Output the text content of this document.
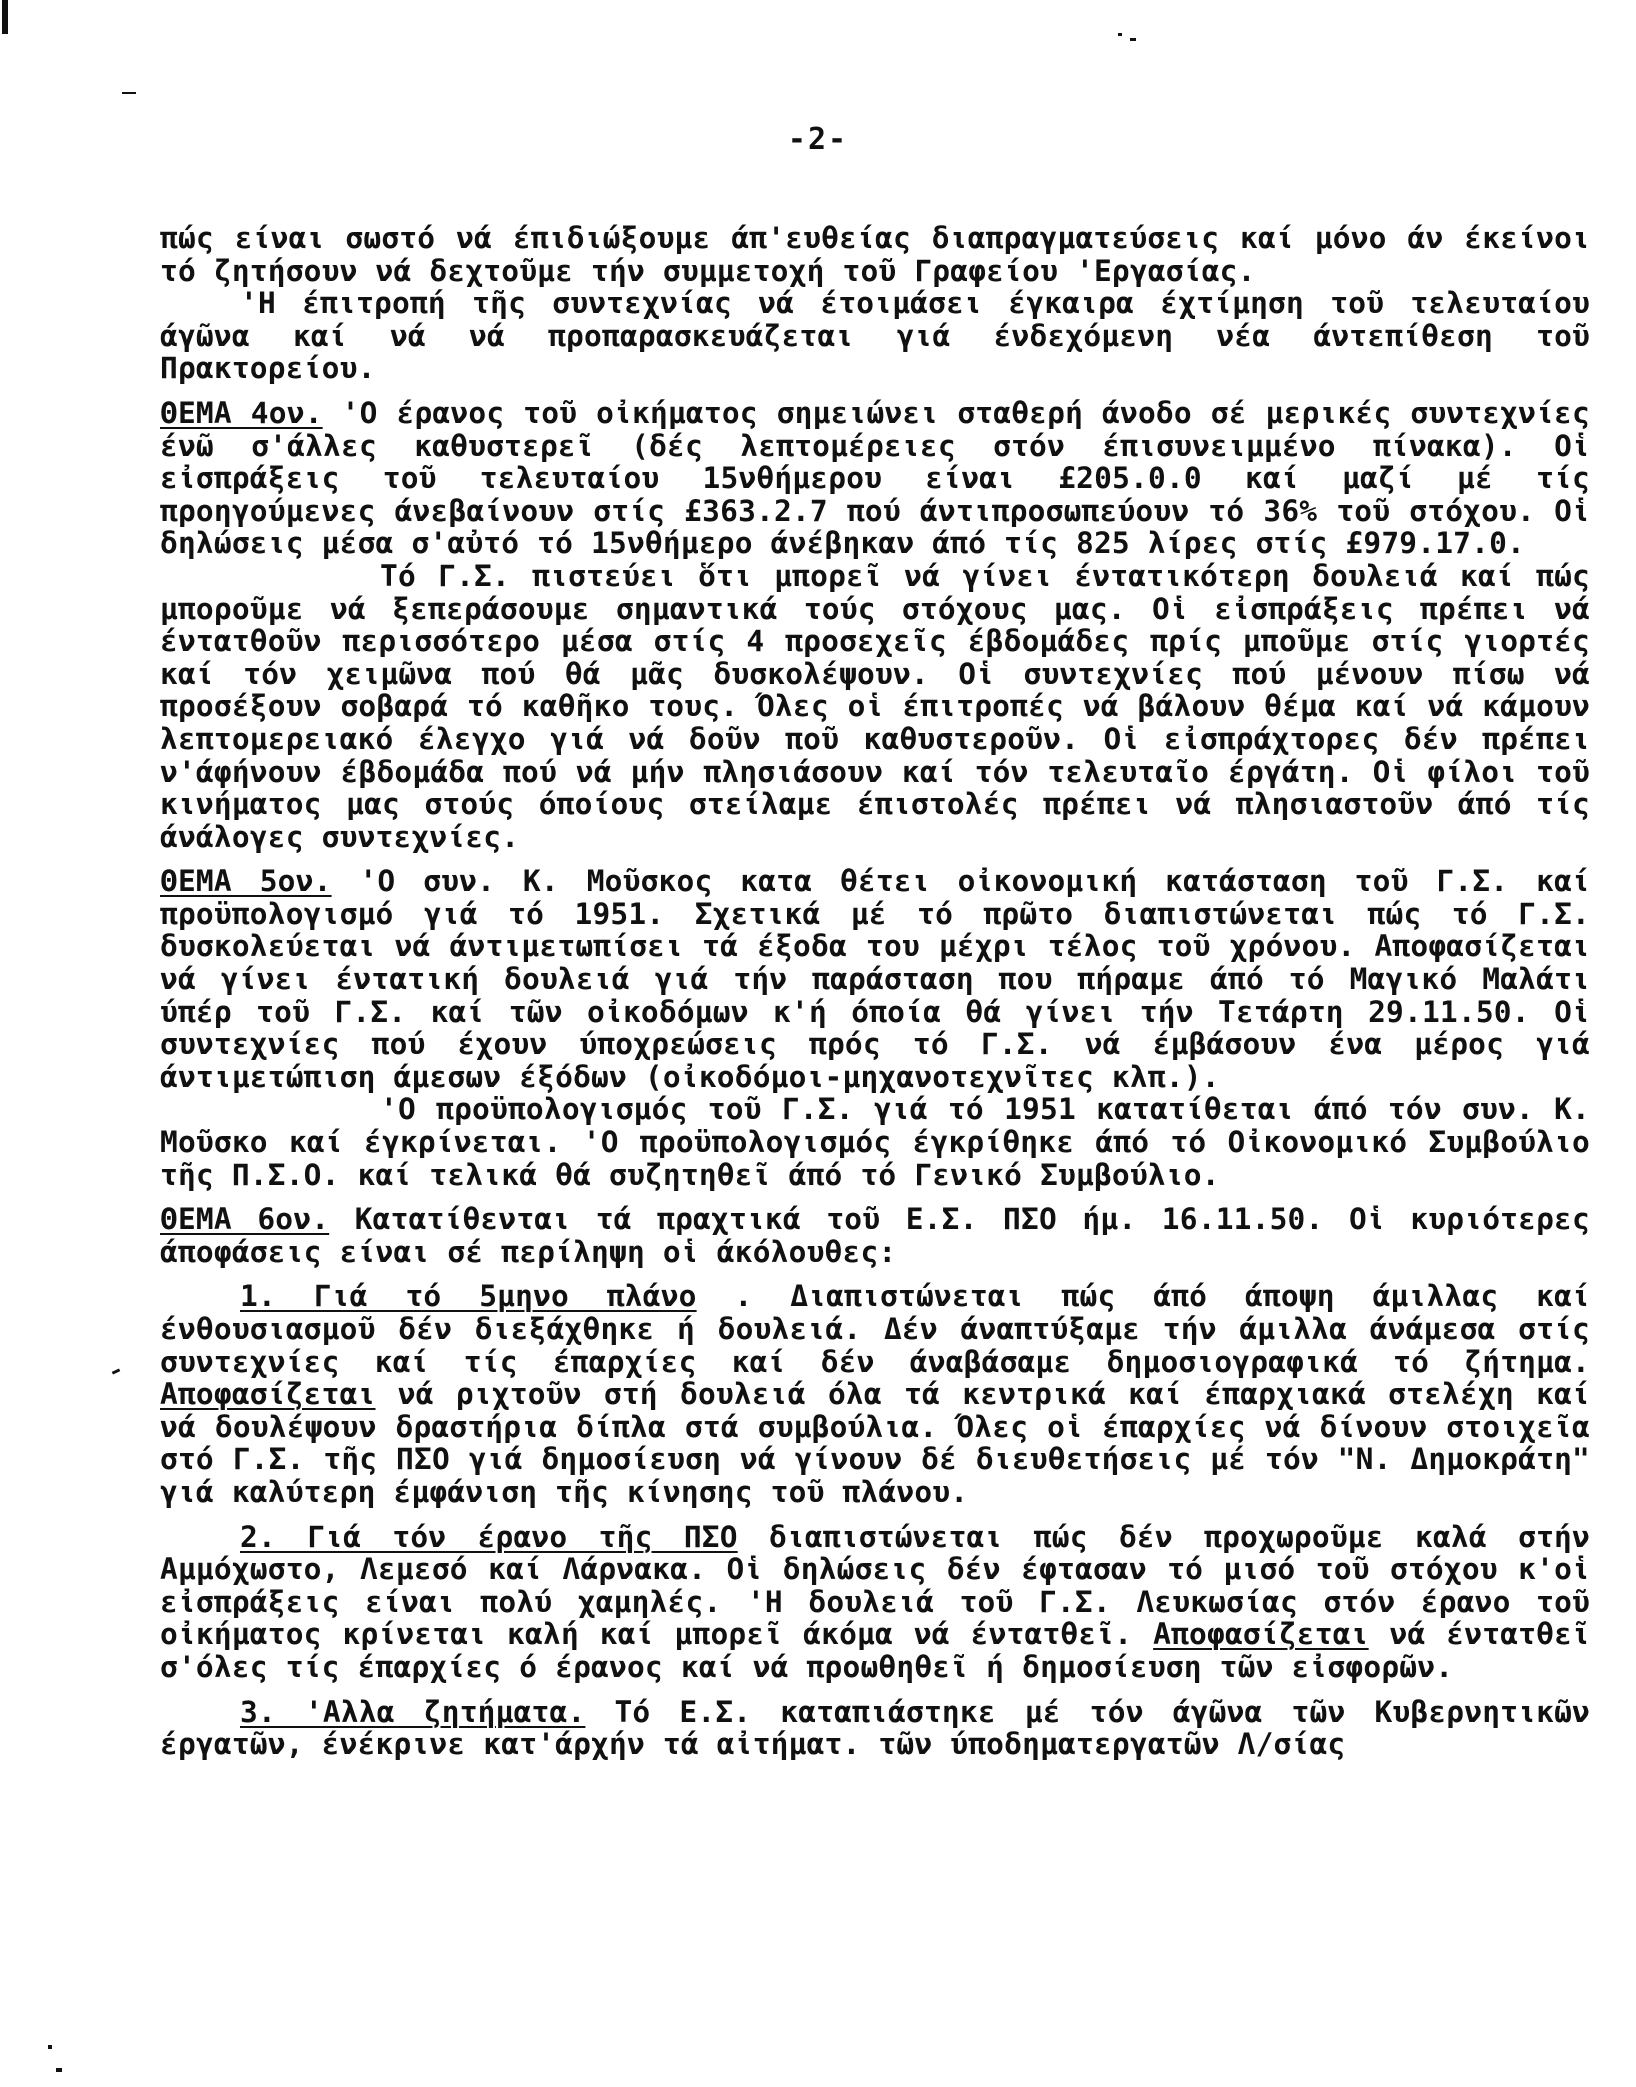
-2-

πώς είναι σωστό νά έπιδιώξουμε άπ'ευθείας διαπραγματεύσεις καί μόνο άν έκείνοι τό ζητήσουν νά δεχτοῦμε τήν συμμετοχή τοῦ Γραφείου 'Εργασίας.

'Η έπιτροπή τῆς συντεχνίας νά έτοιμάσει έγκαιρα έχτίμηση τοῦ τελευταίου άγῶνα καί νά νά προπαρασκευάζεται γιά ένδεχόμενη νέα άντεπίθεση τοῦ Πρακτορείου.

ΘΕΜΑ 4ον. 'Ο έρανος τοῦ οἰκήματος σημειώνει σταθερή άνοδο σέ μερικές συντεχνίες ένῶ σ'άλλες καθυστερεῖ (δές λεπτομέρειες στόν έπισυνειμμένο πίνακα). Οἱ εἰσπράξεις τοῦ τελευταίου 15νθήμερου είναι £205.0.0 καί μαζί μέ τίς προηγούμενες άνεβαίνουν στίς £363.2.7 πού άντιπροσωπεύουν τό 36% τοῦ στόχου. Οἱ δηλώσεις μέσα σ'αὐτό τό 15νθήμερο άνέβηκαν άπό τίς 825 λίρες στίς £979.17.0.

Τό Γ.Σ. πιστεύει ὅτι μπορεῖ νά γίνει έντατικότερη δουλειά καί πώς μποροῦμε νά ξεπεράσουμε σημαντικά τούς στόχους μας. Οἱ εἰσπράξεις πρέπει νά έντατθοῦν περισσότερο μέσα στίς 4 προσεχεῖς έβδομάδες πρίς μποῦμε στίς γιορτές καί τόν χειμῶνα πού θά μᾶς δυσκολέψουν. Οἱ συντεχνίες πού μένουν πίσω νά προσέξουν σοβαρά τό καθῆκο τους. Όλες οἱ έπιτροπές νά βάλουν θέμα καί νά κάμουν λεπτομερειακό έλεγχο γιά νά δοῦν ποῦ καθυστεροῦν. Οἱ εἰσπράχτορες δέν πρέπει ν'άφήνουν έβδομάδα πού νά μήν πλησιάσουν καί τόν τελευταῖο έργάτη. Οἱ φίλοι τοῦ κινήματος μας στούς όποίους στείλαμε έπιστολές πρέπει νά πλησιαστοῦν άπό τίς άνάλογες συντεχνίες.

ΘΕΜΑ 5ον. 'Ο συν. Κ. Μοῦσκος κατα θέτει οἰκονομική κατάσταση τοῦ Γ.Σ. καί προϋπολογισμό γιά τό 1951. Σχετικά μέ τό πρῶτο διαπιστώνεται πώς τό Γ.Σ. δυσκολεύεται νά άντιμετωπίσει τά έξοδα του μέχρι τέλος τοῦ χρόνου. Αποφασίζεται νά γίνει έντατική δουλειά γιά τήν παράσταση που πήραμε άπό τό Μαγικό Μαλάτι ύπέρ τοῦ Γ.Σ. καί τῶν οἰκοδόμων κ'ή όποία θά γίνει τήν Τετάρτη 29.11.50. Οἱ συντεχνίες πού έχουν ύποχρεώσεις πρός τό Γ.Σ. νά έμβάσουν ένα μέρος γιά άντιμετώπιση άμεσων έξόδων (οἰκοδόμοι-μηχανοτεχνῖτες κλπ.).

'Ο προϋπολογισμός τοῦ Γ.Σ. γιά τό 1951 κατατίθεται άπό τόν συν. Κ. Μοῦσκο καί έγκρίνεται. 'Ο προϋπολογισμός έγκρίθηκε άπό τό Οἰκονομικό Συμβούλιο τῆς Π.Σ.Ο. καί τελικά θά συζητηθεῖ άπό τό Γενικό Συμβούλιο.

ΘΕΜΑ 6ον. Κατατίθενται τά πραχτικά τοῦ Ε.Σ. ΠΣΟ ήμ. 16.11.50. Οἱ κυριότερες άποφάσεις είναι σέ περίληψη οἱ άκόλουθες:

1. Γιά τό 5μηνο πλάνο . Διαπιστώνεται πώς άπό άποψη άμιλλας καί ένθουσιασμοῦ δέν διεξάχθηκε ή δουλειά. Δέν άναπτύξαμε τήν άμιλλα άνάμεσα στίς συντεχνίες καί τίς έπαρχίες καί δέν άναβάσαμε δημοσιογραφικά τό ζήτημα. Αποφασίζεται νά ριχτοῦν στή δουλειά όλα τά κεντρικά καί έπαρχιακά στελέχη καί νά δουλέψουν δραστήρια δίπλα στά συμβούλια. Όλες οἱ έπαρχίες νά δίνουν στοιχεῖα στό Γ.Σ. τῆς ΠΣΟ γιά δημοσίευση νά γίνουν δέ διευθετήσεις μέ τόν "Ν. Δημοκράτη" γιά καλύτερη έμφάνιση τῆς κίνησης τοῦ πλάνου.

2. Γιά τόν έρανο τῆς ΠΣΟ διαπιστώνεται πώς δέν προχωροῦμε καλά στήν Αμμόχωστο, Λεμεσό καί Λάρνακα. Οἱ δηλώσεις δέν έφτασαν τό μισό τοῦ στόχου κ'οἱ εἰσπράξεις είναι πολύ χαμηλές. 'Η δουλειά τοῦ Γ.Σ. Λευκωσίας στόν έρανο τοῦ οἰκήματος κρίνεται καλή καί μπορεῖ άκόμα νά έντατθεῖ. Αποφασίζεται νά έντατθεῖ σ'όλες τίς έπαρχίες ό έρανος καί νά προωθηθεῖ ή δημοσίευση τῶν εἰσφορῶν.

3. 'Αλλα ζητήματα. Τό Ε.Σ. καταπιάστηκε μέ τόν άγῶνα τῶν Κυβερνητικῶν έργατῶν, ένέκρινε κατ'άρχήν τά αἰτήματ. τῶν ύποδηματεργατῶν Λ/σίας
